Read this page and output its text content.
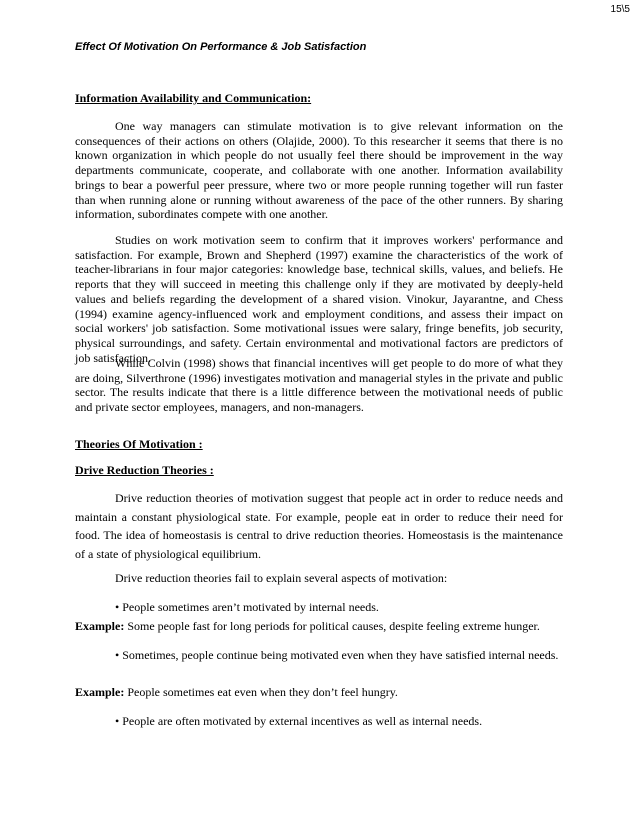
15\5
Effect Of Motivation On Performance & Job Satisfaction
Information Availability and Communication:

One way managers can stimulate motivation is to give relevant information on the consequences of their actions on others (Olajide, 2000). To this researcher it seems that there is no known organization in which people do not usually feel there should be improvement in the way departments communicate, cooperate, and collaborate with one another. Information availability brings to bear a powerful peer pressure, where two or more people running together will run faster than when running alone or running without awareness of the pace of the other runners. By sharing information, subordinates compete with one another.

Studies on work motivation seem to confirm that it improves workers' performance and satisfaction. For example, Brown and Shepherd (1997) examine the characteristics of the work of teacher-librarians in four major categories: knowledge base, technical skills, values, and beliefs. He reports that they will succeed in meeting this challenge only if they are motivated by deeply-held values and beliefs regarding the development of a shared vision. Vinokur, Jayarantne, and Chess (1994) examine agency-influenced work and employment conditions, and assess their impact on social workers' job satisfaction. Some motivational issues were salary, fringe benefits, job security, physical surroundings, and safety. Certain environmental and motivational factors are predictors of job satisfaction.

While Colvin (1998) shows that financial incentives will get people to do more of what they are doing, Silverthrone (1996) investigates motivation and managerial styles in the private and public sector. The results indicate that there is a little difference between the motivational needs of public and private sector employees, managers, and non-managers.

Theories Of Motivation :
Drive Reduction Theories :

Drive reduction theories of motivation suggest that people act in order to reduce needs and maintain a constant physiological state. For example, people eat in order to reduce their need for food. The idea of homeostasis is central to drive reduction theories. Homeostasis is the maintenance of a state of physiological equilibrium.

Drive reduction theories fail to explain several aspects of motivation:

• People sometimes aren’t motivated by internal needs.

Example: Some people fast for long periods for political causes, despite feeling extreme hunger.

• Sometimes, people continue being motivated even when they have satisfied internal needs.

Example: People sometimes eat even when they don’t feel hungry.

• People are often motivated by external incentives as well as internal needs.
